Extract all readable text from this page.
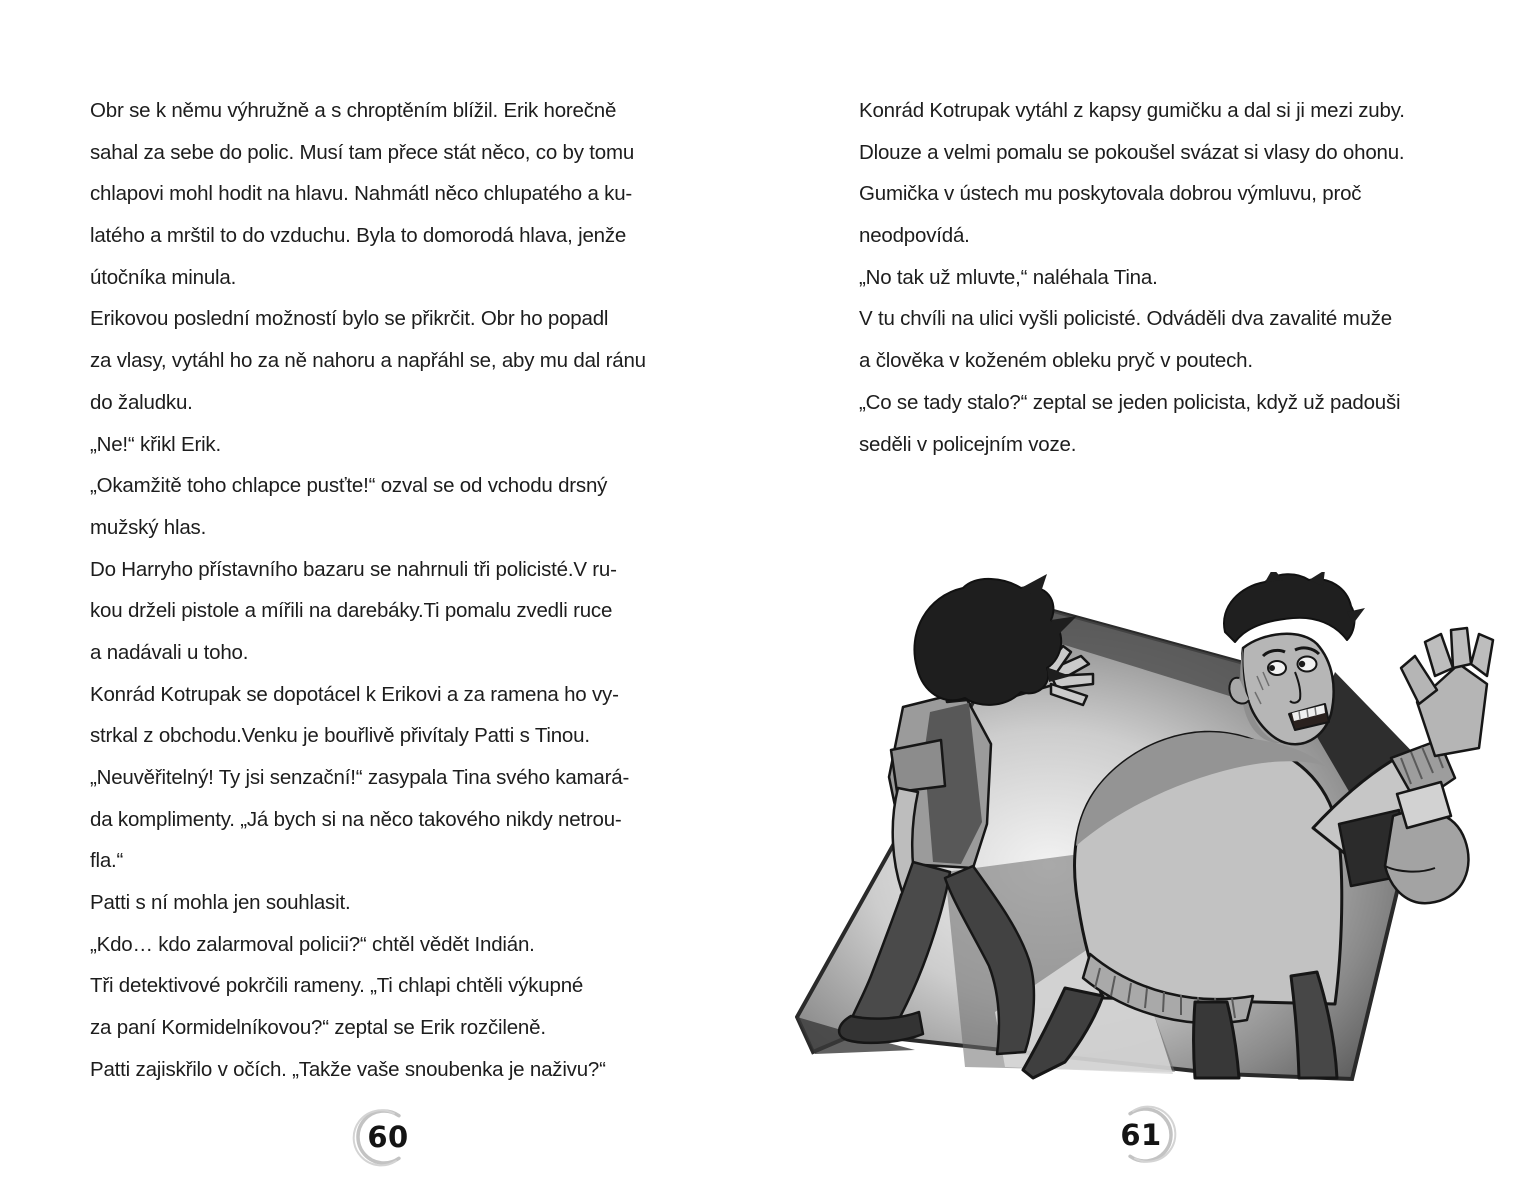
Obr se k němu výhružně a s chroptěním blížil. Erik horečně
sahal za sebe do polic. Musí tam přece stát něco, co by tomu
chlapovi mohl hodit na hlavu. Nahmátl něco chlupatého a ku-
latého a mrštil to do vzduchu. Byla to domorodá hlava, jenže
útočníka minula.
Erikovou poslední možností bylo se přikrčit. Obr ho popadl
za vlasy, vytáhl ho za ně nahoru a napřáhl se, aby mu dal ránu
do žaludku.
„Ne!“ křikl Erik.
„Okamžitě toho chlapce pusťte!“ ozval se od vchodu drsný
mužský hlas.
Do Harryho přístavního bazaru se nahrnuli tři policisté.V ru-
kou drželi pistole a mířili na darebáky.Ti pomalu zvedli ruce
a nadávali u toho.
Konrád Kotrupak se dopotácel k Erikovi a za ramena ho vy-
strkal z obchodu.Venku je bouřlivě přivítaly Patti s Tinou.
„Neuvěřitelný! Ty jsi senzační!“ zasypala Tina svého kamará-
da komplimenty. „Já bych si na něco takového nikdy netrou-
fla.“
Patti s ní mohla jen souhlasit.
„Kdo… kdo zalarmoval policii?“ chtěl vědět Indián.
Tři detektivové pokrčili rameny. „Ti chlapi chtěli výkupné
za paní Kormidelníkovou?“ zeptal se Erik rozčileně.
Patti zajiskřilo v očích. „Takže vaše snoubenka je naživu?“
Konrád Kotrupak vytáhl z kapsy gumičku a dal si ji mezi zuby.
Dlouze a velmi pomalu se pokoušel svázat si vlasy do ohonu.
Gumička v ústech mu poskytovala dobrou výmluvu, proč
neodpovídá.
„No tak už mluvte,“ naléhala Tina.
V tu chvíli na ulici vyšli policisté. Odváděli dva zavalité muže
a člověka v koženém obleku pryč v poutech.
„Co se tady stalo?“ zeptal se jeden policista, když už padouši
seděli v policejním voze.
60	61
